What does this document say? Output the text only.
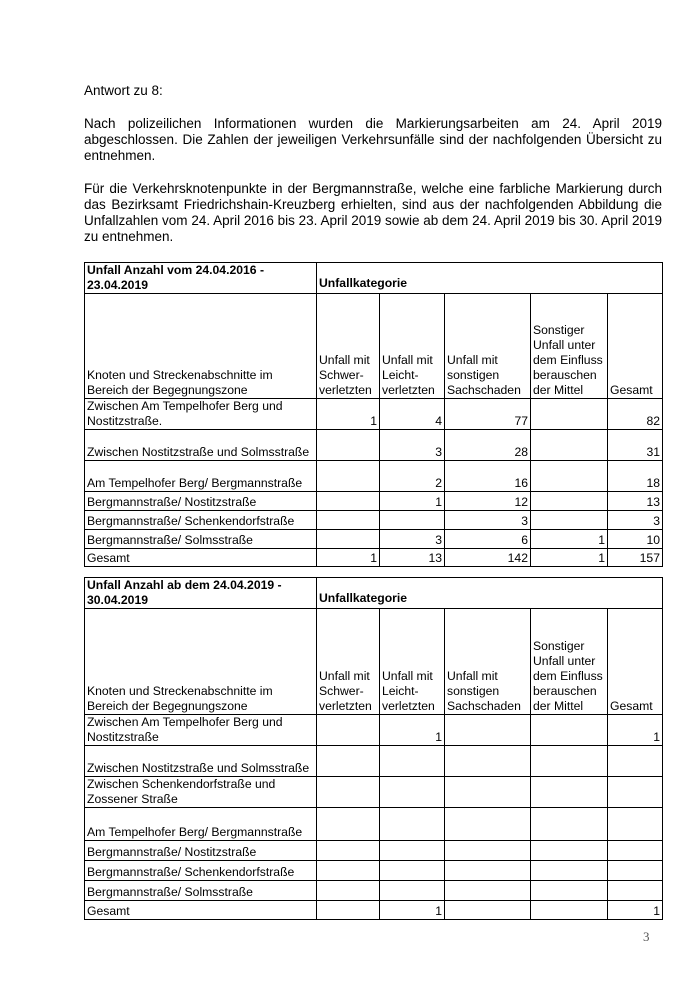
Antwort zu 8:
Nach polizeilichen Informationen wurden die Markierungsarbeiten am 24. April 2019 abgeschlossen. Die Zahlen der jeweiligen Verkehrsunfälle sind der nachfolgenden Übersicht zu entnehmen.
Für die Verkehrsknotenpunkte in der Bergmannstraße, welche eine farbliche Markierung durch das Bezirksamt Friedrichshain-Kreuzberg erhielten, sind aus der nachfolgenden Abbildung die Unfallzahlen vom 24. April 2016 bis 23. April 2019 sowie ab dem 24. April 2019 bis 30. April 2019 zu entnehmen.
Unfall Anzahl vom 24.04.2016 - 23.04.2019	Unfallkategorie				
Knoten und Streckenabschnitte im Bereich der Begegnungszone	Unfall mit Schwer-verletzten	Unfall mit Leicht-verletzten	Unfall mit sonstigen Sachschaden	Sonstiger Unfall unter dem Einfluss berauschen der Mittel	Gesamt
Zwischen Am Tempelhofer Berg und Nostitzstraße.	1	4	77		82
Zwischen Nostitzstraße und Solmsstraße		3	28		31
Am Tempelhofer Berg/ Bergmannstraße		2	16		18
Bergmannstraße/ Nostitzstraße		1	12		13
Bergmannstraße/ Schenkendorfstraße			3		3
Bergmannstraße/ Solmsstraße		3	6	1	10
Gesamt	1	13	142	1	157
Unfall Anzahl ab dem 24.04.2019 - 30.04.2019	Unfallkategorie				
Knoten und Streckenabschnitte im Bereich der Begegnungszone	Unfall mit Schwer-verletzten	Unfall mit Leicht-verletzten	Unfall mit sonstigen Sachschaden	Sonstiger Unfall unter dem Einfluss berauschen der Mittel	Gesamt
Zwischen Am Tempelhofer Berg und Nostitzstraße		1			1
Zwischen Nostitzstraße und Solmsstraße					
Zwischen Schenkendorfstraße und Zossener Straße					
Am Tempelhofer Berg/ Bergmannstraße					
Bergmannstraße/ Nostitzstraße					
Bergmannstraße/ Schenkendorfstraße					
Bergmannstraße/ Solmsstraße					
Gesamt		1			1
3
